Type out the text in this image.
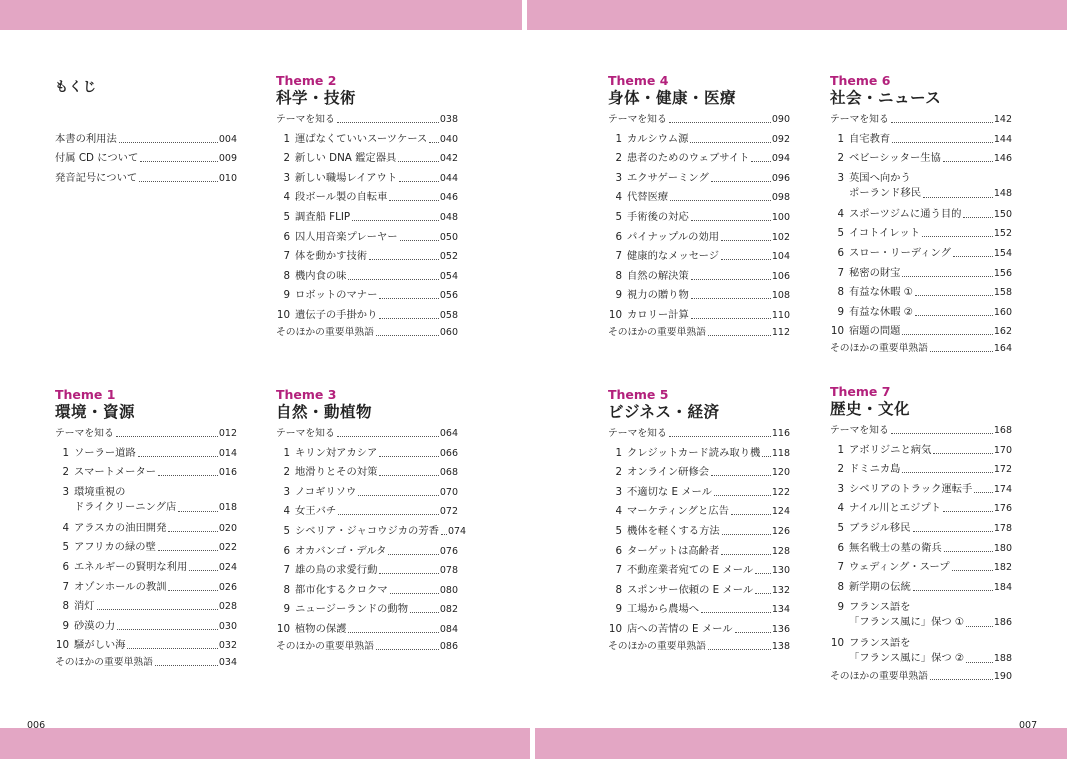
006	007
もくじ
本書の利用法	004
付属 CD について	009
発音記号について	010
Theme 1
環境・資源
テーマを知る	012
1 ソーラー道路	014
2 スマートメーター	016
3 環境重視の
ドライクリーニング店	018
4 アラスカの油田開発	020
5 アフリカの緑の壁	022
6 エネルギーの賢明な利用	024
7 オゾンホールの教訓	026
8 消灯	028
9 砂漠の力	030
10 騒がしい海	032
そのほかの重要単熟語	034
Theme 2
科学・技術
テーマを知る	038
1 運ばなくていいスーツケース 040
2 新しい DNA 鑑定器具	042
3 新しい職場レイアウト	044
4 段ボール製の自転車	046
5 調査船 FLIP	048
6 囚人用音楽プレーヤー	050
7 体を動かす技術	052
8 機内食の味	054
9 ロボットのマナー	056
10 遺伝子の手掛かり	058
そのほかの重要単熟語	060
Theme 3
自然・動植物
テーマを知る	064
1 キリン対アカシア	066
2 地滑りとその対策	068
3 ノコギリソウ	070
4 女王バチ	072
5 シベリア・ジャコウジカの芳香 074
6 オカバンゴ・デルタ	076
7 雄の鳥の求愛行動	078
8 都市化するクロクマ	080
9 ニュージーランドの動物	082
10 植物の保護	084
そのほかの重要単熟語	086
Theme 4
身体・健康・医療
テーマを知る	090
1 カルシウム源	092
2 患者のためのウェブサイト 094
3 エクサゲーミング	096
4 代替医療	098
5 手術後の対応	100
6 パイナップルの効用	102
7 健康的なメッセージ	104
8 自然の解決策	106
9 視力の贈り物	108
10 カロリー計算	110
そのほかの重要単熟語	112
Theme 5
ビジネス・経済
テーマを知る	116
1 クレジットカード読み取り機 118
2 オンライン研修会	120
3 不適切な E メール	122
4 マーケティングと広告	124
5 機体を軽くする方法	126
6 ターゲットは高齢者	128
7 不動産業者宛ての E メール 130
8 スポンサー依頼の E メール 132
9 工場から農場へ	134
10 店への苦情の E メール	136
そのほかの重要単熟語	138
Theme 6
社会・ニュース
テーマを知る	142
1 自宅教育	144
2 ベビーシッター生協	146
3 英国へ向かう
ポーランド移民	148
4 スポーツジムに通う目的	150
5 イコトイレット	152
6 スロー・リーディング	154
7 秘密の財宝	156
8 有益な休暇 ①	158
9 有益な休暇 ②	160
10 宿題の問題	162
そのほかの重要単熟語	164
Theme 7
歴史・文化
テーマを知る	168
1 アボリジニと病気	170
2 ドミニカ島	172
3 シベリアのトラック運転手 174
4 ナイル川とエジプト	176
5 ブラジル移民	178
6 無名戦士の墓の衛兵	180
7 ウェディング・スープ	182
8 新学期の伝統	184
9 フランス語を
「フランス風に」保つ ①	186
10 フランス語を
「フランス風に」保つ ②	188
そのほかの重要単熟語	190
